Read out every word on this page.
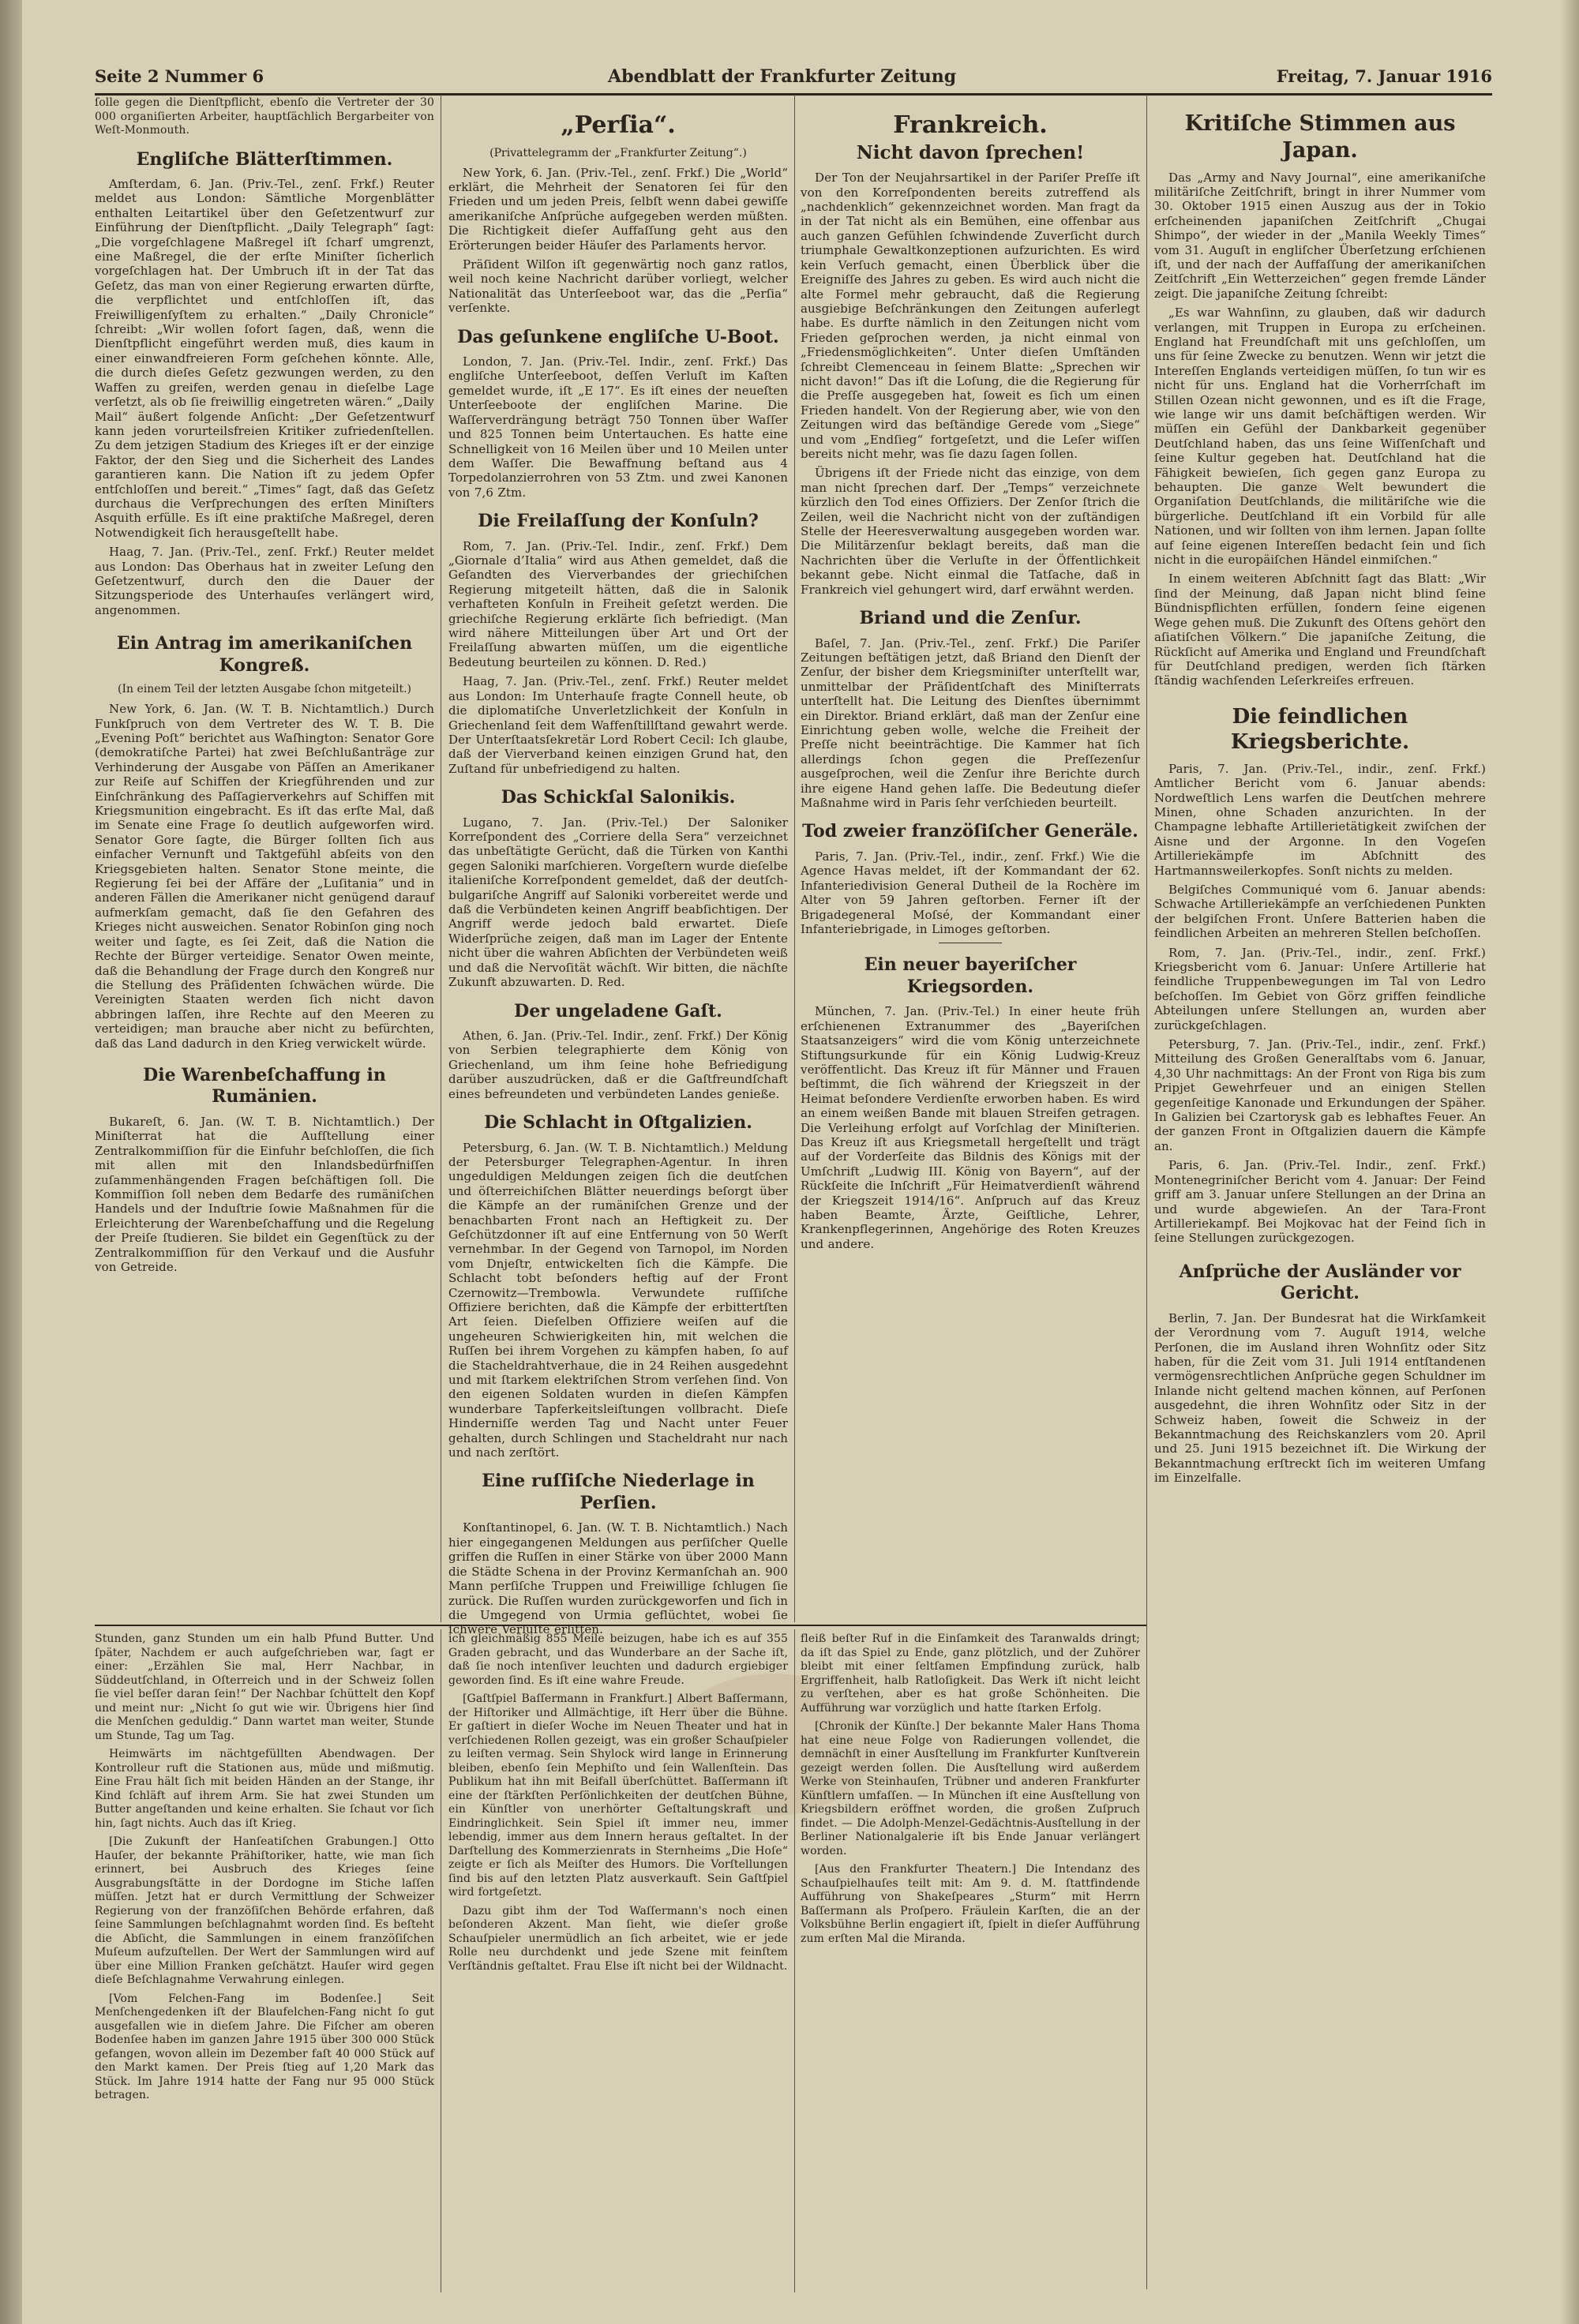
Seite 2 Nummer 6	Abendblatt der Frankfurter Zeitung	Freitag, 7. Januar 1916

ſolle gegen die Dienſtpflicht, ebenſo die Vertreter der 30 000 organiſierten Arbeiter, hauptſächlich Bergarbeiter von Weſt-Monmouth.

Engliſche Blätterſtimmen.

Amſterdam, 6. Jan. (Priv.-Tel., zenſ. Frkf.) Reuter meldet aus London: Sämtliche Morgenblätter enthalten Leitartikel über den Geſetzentwurf zur Einführung der Dienſtpflicht. „Daily Telegraph“ ſagt: „Die vorgeſchlagene Maßregel iſt ſcharf umgrenzt, eine Maßregel, die der erſte Miniſter ſicherlich vorgeſchlagen hat. Der Umbruch iſt in der Tat das Geſetz, das man von einer Regierung erwarten dürfte, die verpflichtet und entſchloſſen iſt, das Freiwilligenſyſtem zu erhalten.“ „Daily Chronicle“ ſchreibt: „Wir wollen ſofort ſagen, daß, wenn die Dienſtpflicht eingeführt werden muß, dies kaum in einer einwandfreieren Form geſchehen könnte. Alle, die durch dieſes Geſetz gezwungen werden, zu den Waffen zu greifen, werden genau in dieſelbe Lage verſetzt, als ob ſie freiwillig eingetreten wären.“ „Daily Mail“ äußert folgende Anſicht: „Der Geſetzentwurf kann jeden vorurteilsfreien Kritiker zufriedenſtellen. Zu dem jetzigen Stadium des Krieges iſt er der einzige Faktor, der den Sieg und die Sicherheit des Landes garantieren kann. Die Nation iſt zu jedem Opfer entſchloſſen und bereit.“ „Times“ ſagt, daß das Geſetz durchaus die Verſprechungen des erſten Miniſters Asquith erfülle. Es iſt eine praktiſche Maßregel, deren Notwendigkeit ſich herausgeſtellt habe.

Haag, 7. Jan. (Priv.-Tel., zenſ. Frkf.) Reuter meldet aus London: Das Oberhaus hat in zweiter Leſung den Geſetzentwurf, durch den die Dauer der Sitzungsperiode des Unterhauſes verlängert wird, angenommen.

Ein Antrag im amerikaniſchen Kongreß.
(In einem Teil der letzten Ausgabe ſchon mitgeteilt.)

New York, 6. Jan. (W. T. B. Nichtamtlich.) Durch Funkſpruch von dem Vertreter des W. T. B. Die „Evening Poſt“ berichtet aus Waſhington: Senator Gore (demokratiſche Partei) hat zwei Beſchlußanträge zur Verhinderung der Ausgabe von Päſſen an Amerikaner zur Reiſe auf Schiffen der Kriegführenden und zur Einſchränkung des Paſſagierverkehrs auf Schiffen mit Kriegsmunition eingebracht. Es iſt das erſte Mal, daß im Senate eine Frage ſo deutlich aufgeworfen wird. Senator Gore ſagte, die Bürger ſollten ſich aus einfacher Vernunft und Taktgefühl abſeits von den Kriegsgebieten halten. Senator Stone meinte, die Regierung ſei bei der Affäre der „Luſitania“ und in anderen Fällen die Amerikaner nicht genügend darauf aufmerkſam gemacht, daß ſie den Gefahren des Krieges nicht ausweichen. Senator Robinſon ging noch weiter und ſagte, es ſei Zeit, daß die Nation die Rechte der Bürger verteidige. Senator Owen meinte, daß die Behandlung der Frage durch den Kongreß nur die Stellung des Präſidenten ſchwächen würde. Die Vereinigten Staaten werden ſich nicht davon abbringen laſſen, ihre Rechte auf den Meeren zu verteidigen; man brauche aber nicht zu befürchten, daß das Land dadurch in den Krieg verwickelt würde.

Die Warenbeſchaffung in Rumänien.

Bukareſt, 6. Jan. (W. T. B. Nichtamtlich.) Der Miniſterrat hat die Aufſtellung einer Zentralkommiſſion für die Einfuhr beſchloſſen, die ſich mit allen mit den Inlandsbedürfniſſen zuſammenhängenden Fragen beſchäftigen ſoll. Die Kommiſſion ſoll neben dem Bedarfe des rumäniſchen Handels und der Induſtrie ſowie Maßnahmen für die Erleichterung der Warenbeſchaffung und die Regelung der Preiſe ſtudieren. Sie bildet ein Gegenſtück zu der Zentralkommiſſion für den Verkauf und die Ausfuhr von Getreide.

„Perſia“.
(Privattelegramm der „Frankfurter Zeitung“.)

New York, 6. Jan. (Priv.-Tel., zenſ. Frkf.) Die „World“ erklärt, die Mehrheit der Senatoren ſei für den Frieden und um jeden Preis, ſelbſt wenn dabei gewiſſe amerikaniſche Anſprüche aufgegeben werden müßten. Die Richtigkeit dieſer Auffaſſung geht aus den Erörterungen beider Häuſer des Parlaments hervor.

Präſident Wilſon iſt gegenwärtig noch ganz ratlos, weil noch keine Nachricht darüber vorliegt, welcher Nationalität das Unterſeeboot war, das die „Perſia“ verſenkte.

Das geſunkene engliſche U-Boot.

London, 7. Jan. (Priv.-Tel. Indir., zenſ. Frkf.) Das engliſche Unterſeeboot, deſſen Verluſt im Kaſten gemeldet wurde, iſt „E 17“. Es iſt eines der neueſten Unterſeeboote der engliſchen Marine. Die Waſſerverdrängung beträgt 750 Tonnen über Waſſer und 825 Tonnen beim Untertauchen. Es hatte eine Schnelligkeit von 16 Meilen über und 10 Meilen unter dem Waſſer. Die Bewaffnung beſtand aus 4 Torpedolanzierrohren von 53 Ztm. und zwei Kanonen von 7,6 Ztm.

Die Freilaſſung der Konſuln?

Rom, 7. Jan. (Priv.-Tel. Indir., zenſ. Frkf.) Dem „Giornale d’Italia“ wird aus Athen gemeldet, daß die Geſandten des Vierverbandes der griechiſchen Regierung mitgeteilt hätten, daß die in Salonik verhafteten Konſuln in Freiheit geſetzt werden. Die griechiſche Regierung erklärte ſich befriedigt. (Man wird nähere Mitteilungen über Art und Ort der Freilaſſung abwarten müſſen, um die eigentliche Bedeutung beurteilen zu können. D. Red.)

Haag, 7. Jan. (Priv.-Tel., zenſ. Frkf.) Reuter meldet aus London: Im Unterhauſe fragte Connell heute, ob die diplomatiſche Unverletzlichkeit der Konſuln in Griechenland ſeit dem Waffenſtillſtand gewahrt werde. Der Unterſtaatsſekretär Lord Robert Cecil: Ich glaube, daß der Vierverband keinen einzigen Grund hat, den Zuſtand für unbefriedigend zu halten.

Das Schickſal Salonikis.

Lugano, 7. Jan. (Priv.-Tel.) Der Saloniker Korreſpondent des „Corriere della Sera“ verzeichnet das unbeſtätigte Gerücht, daß die Türken von Kanthi gegen Saloniki marſchieren. Vorgeſtern wurde dieſelbe italieniſche Korreſpondent gemeldet, daß der deutſch-bulgariſche Angriff auf Saloniki vorbereitet werde und daß die Verbündeten keinen Angriff beabſichtigen. Der Angriff werde jedoch bald erwartet. Dieſe Widerſprüche zeigen, daß man im Lager der Entente nicht über die wahren Abſichten der Verbündeten weiß und daß die Nervoſität wächſt. Wir bitten, die nächſte Zukunft abzuwarten. D. Red.

Der ungeladene Gaſt.

Athen, 6. Jan. (Priv.-Tel. Indir., zenſ. Frkf.) Der König von Serbien telegraphierte dem König von Griechenland, um ihm ſeine hohe Befriedigung darüber auszudrücken, daß er die Gaſtfreundſchaft eines befreundeten und verbündeten Landes genieße.

Die Schlacht in Oſtgalizien.

Petersburg, 6. Jan. (W. T. B. Nichtamtlich.) Meldung der Petersburger Telegraphen-Agentur. In ihren ungeduldigen Meldungen zeigen ſich die deutſchen und öſterreichiſchen Blätter neuerdings beſorgt über die Kämpfe an der rumäniſchen Grenze und der benachbarten Front nach an Heftigkeit zu. Der Geſchützdonner iſt auf eine Entfernung von 50 Werſt vernehmbar. In der Gegend von Tarnopol, im Norden vom Dnjeſtr, entwickelten ſich die Kämpfe. Die Schlacht tobt beſonders heftig auf der Front Czernowitz—Trembowla. Verwundete ruſſiſche Offiziere berichten, daß die Kämpfe der erbittertſten Art ſeien. Dieſelben Offiziere weiſen auf die ungeheuren Schwierigkeiten hin, mit welchen die Ruſſen bei ihrem Vorgehen zu kämpfen haben, ſo auf die Stacheldrahtverhaue, die in 24 Reihen ausgedehnt und mit ſtarkem elektriſchen Strom verſehen ſind. Von den eigenen Soldaten wurden in dieſen Kämpfen wunderbare Tapferkeitsleiſtungen vollbracht. Dieſe Hinderniſſe werden Tag und Nacht unter Feuer gehalten, durch Schlingen und Stacheldraht nur nach und nach zerſtört.

Eine ruſſiſche Niederlage in Perſien.

Konſtantinopel, 6. Jan. (W. T. B. Nichtamtlich.) Nach hier eingegangenen Meldungen aus perſiſcher Quelle griffen die Ruſſen in einer Stärke von über 2000 Mann die Städte Schena in der Provinz Kermanſchah an. 900 Mann perſiſche Truppen und Freiwillige ſchlugen ſie zurück. Die Ruſſen wurden zurückgeworfen und ſich in die Umgegend von Urmia geflüchtet, wobei ſie ſchwere Verluſte erlitten.

Frankreich.
Nicht davon ſprechen!

Der Ton der Neujahrsartikel in der Pariſer Preſſe iſt von den Korreſpondenten bereits zutreffend als „nachdenklich“ gekennzeichnet worden. Man fragt da in der Tat nicht als ein Bemühen, eine offenbar aus auch ganzen Gefühlen ſchwindende Zuverſicht durch triumphale Gewaltkonzeptionen aufzurichten. Es wird kein Verſuch gemacht, einen Überblick über die Ereigniſſe des Jahres zu geben. Es wird auch nicht die alte Formel mehr gebraucht, daß die Regierung ausgiebige Beſchränkungen den Zeitungen auferlegt habe. Es durfte nämlich in den Zeitungen nicht vom Frieden geſprochen werden, ja nicht einmal von „Friedensmöglichkeiten“. Unter dieſen Umſtänden ſchreibt Clemenceau in ſeinem Blatte: „Sprechen wir nicht davon!“ Das iſt die Loſung, die die Regierung für die Preſſe ausgegeben hat, ſoweit es ſich um einen Frieden handelt. Von der Regierung aber, wie von den Zeitungen wird das beſtändige Gerede vom „Siege“ und vom „Endſieg“ fortgeſetzt, und die Leſer wiſſen bereits nicht mehr, was ſie dazu ſagen ſollen.

Übrigens iſt der Friede nicht das einzige, von dem man nicht ſprechen darf. Der „Temps“ verzeichnete kürzlich den Tod eines Offiziers. Der Zenſor ſtrich die Zeilen, weil die Nachricht nicht von der zuſtändigen Stelle der Heeresverwaltung ausgegeben worden war. Die Militärzenſur beklagt bereits, daß man die Nachrichten über die Verluſte in der Öffentlichkeit bekannt gebe. Nicht einmal die Tatſache, daß in Frankreich viel gehungert wird, darf erwähnt werden.

Briand und die Zenſur.

Baſel, 7. Jan. (Priv.-Tel., zenſ. Frkf.) Die Pariſer Zeitungen beſtätigen jetzt, daß Briand den Dienſt der Zenſur, der bisher dem Kriegsminiſter unterſtellt war, unmittelbar der Präſidentſchaft des Miniſterrats unterſtellt hat. Die Leitung des Dienſtes übernimmt ein Direktor. Briand erklärt, daß man der Zenſur eine Einrichtung geben wolle, welche die Freiheit der Preſſe nicht beeinträchtige. Die Kammer hat ſich allerdings ſchon gegen die Preſſezenſur ausgeſprochen, weil die Zenſur ihre Berichte durch ihre eigene Hand gehen laſſe. Die Bedeutung dieſer Maßnahme wird in Paris ſehr verſchieden beurteilt.

Tod zweier franzöſiſcher Generäle.

Paris, 7. Jan. (Priv.-Tel., indir., zenſ. Frkf.) Wie die Agence Havas meldet, iſt der Kommandant der 62. Infanteriedivision General Dutheil de la Rochère im Alter von 59 Jahren geſtorben. Ferner iſt der Brigadegeneral Moſsé, der Kommandant einer Infanteriebrigade, in Limoges geſtorben.

Ein neuer bayeriſcher Kriegsorden.

München, 7. Jan. (Priv.-Tel.) In einer heute früh erſchienenen Extranummer des „Bayeriſchen Staatsanzeigers“ wird die vom König unterzeichnete Stiftungsurkunde für ein König Ludwig-Kreuz veröffentlicht. Das Kreuz iſt für Männer und Frauen beſtimmt, die ſich während der Kriegszeit in der Heimat beſondere Verdienſte erworben haben. Es wird an einem weißen Bande mit blauen Streifen getragen. Die Verleihung erfolgt auf Vorſchlag der Miniſterien. Das Kreuz iſt aus Kriegsmetall hergeſtellt und trägt auf der Vorderſeite das Bildnis des Königs mit der Umſchrift „Ludwig III. König von Bayern“, auf der Rückſeite die Inſchrift „Für Heimatverdienſt während der Kriegszeit 1914/16“. Anſpruch auf das Kreuz haben Beamte, Ärzte, Geiſtliche, Lehrer, Krankenpflegerinnen, Angehörige des Roten Kreuzes und andere.

Kritiſche Stimmen aus Japan.

Das „Army and Navy Journal“, eine amerikaniſche militäriſche Zeitſchrift, bringt in ihrer Nummer vom 30. Oktober 1915 einen Auszug aus der in Tokio erſcheinenden japaniſchen Zeitſchrift „Chugai Shimpo“, der wieder in der „Manila Weekly Times“ vom 31. Auguſt in engliſcher Überſetzung erſchienen iſt, und der nach der Auffaſſung der amerikaniſchen Zeitſchrift „Ein Wetterzeichen“ gegen fremde Länder zeigt. Die japaniſche Zeitung ſchreibt:

„Es war Wahnſinn, zu glauben, daß wir dadurch verlangen, mit Truppen in Europa zu erſcheinen. England hat Freundſchaft mit uns geſchloſſen, um uns für ſeine Zwecke zu benutzen. Wenn wir jetzt die Intereſſen Englands verteidigen müſſen, ſo tun wir es nicht für uns. England hat die Vorherrſchaft im Stillen Ozean nicht gewonnen, und es iſt die Frage, wie lange wir uns damit beſchäftigen werden. Wir müſſen ein Gefühl der Dankbarkeit gegenüber Deutſchland haben, das uns ſeine Wiſſenſchaft und ſeine Kultur gegeben hat. Deutſchland hat die Fähigkeit bewieſen, ſich gegen ganz Europa zu behaupten. Die ganze Welt bewundert die Organiſation Deutſchlands, die militäriſche wie die bürgerliche. Deutſchland iſt ein Vorbild für alle Nationen, und wir ſollten von ihm lernen. Japan ſollte auf ſeine eigenen Intereſſen bedacht ſein und ſich nicht in die europäiſchen Händel einmiſchen.“

In einem weiteren Abſchnitt ſagt das Blatt: „Wir ſind der Meinung, daß Japan nicht blind ſeine Bündnispflichten erfüllen, ſondern ſeine eigenen Wege gehen muß. Die Zukunft des Oſtens gehört den aſiatiſchen Völkern.“ Die japaniſche Zeitung, die Rückſicht auf Amerika und England und Freundſchaft für Deutſchland predigen, werden ſich ſtärken ſtändig wachſenden Leſerkreiſes erfreuen.

Die feindlichen Kriegsberichte.

Paris, 7. Jan. (Priv.-Tel., indir., zenſ. Frkf.) Amtlicher Bericht vom 6. Januar abends: Nordweſtlich Lens warfen die Deutſchen mehrere Minen, ohne Schaden anzurichten. In der Champagne lebhafte Artillerietätigkeit zwiſchen der Aisne und der Argonne. In den Vogeſen Artilleriekämpfe im Abſchnitt des Hartmannsweilerkopfes. Sonſt nichts zu melden.

Belgiſches Communiqué vom 6. Januar abends: Schwache Artilleriekämpfe an verſchiedenen Punkten der belgiſchen Front. Unſere Batterien haben die feindlichen Arbeiten an mehreren Stellen beſchoſſen.

Rom, 7. Jan. (Priv.-Tel., indir., zenſ. Frkf.) Kriegsbericht vom 6. Januar: Unſere Artillerie hat feindliche Truppenbewegungen im Tal von Ledro beſchoſſen. Im Gebiet von Görz griffen feindliche Abteilungen unſere Stellungen an, wurden aber zurückgeſchlagen.

Petersburg, 7. Jan. (Priv.-Tel., indir., zenſ. Frkf.) Mitteilung des Großen Generalſtabs vom 6. Januar, 4,30 Uhr nachmittags: An der Front von Riga bis zum Pripjet Gewehrfeuer und an einigen Stellen gegenſeitige Kanonade und Erkundungen der Späher. In Galizien bei Czartorysk gab es lebhaftes Feuer. An der ganzen Front in Oſtgalizien dauern die Kämpfe an.

Paris, 6. Jan. (Priv.-Tel. Indir., zenſ. Frkf.) Montenegriniſcher Bericht vom 4. Januar: Der Feind griff am 3. Januar unſere Stellungen an der Drina an und wurde abgewieſen. An der Tara-Front Artilleriekampf. Bei Mojkovac hat der Feind ſich in ſeine Stellungen zurückgezogen.

Anſprüche der Ausländer vor Gericht.

Berlin, 7. Jan. Der Bundesrat hat die Wirkſamkeit der Verordnung vom 7. Auguſt 1914, welche Perſonen, die im Ausland ihren Wohnſitz oder Sitz haben, für die Zeit vom 31. Juli 1914 entſtandenen vermögensrechtlichen Anſprüche gegen Schuldner im Inlande nicht geltend machen können, auf Perſonen ausgedehnt, die ihren Wohnſitz oder Sitz in der Schweiz haben, ſoweit die Schweiz in der Bekanntmachung des Reichskanzlers vom 20. April und 25. Juni 1915 bezeichnet iſt. Die Wirkung der Bekanntmachung erſtreckt ſich im weiteren Umfang im Einzelfalle.

Stunden, ganz Stunden um ein halb Pfund Butter. Und ſpäter, Nachdem er auch aufgeſchrieben war, ſagt er einer: „Erzählen Sie mal, Herr Nachbar, in Süddeutſchland, in Oſterreich und in der Schweiz ſollen ſie viel beſſer daran ſein!“ Der Nachbar ſchüttelt den Kopf und meint nur: „Nicht ſo gut wie wir. Übrigens hier ſind die Menſchen geduldig.“ Dann wartet man weiter, Stunde um Stunde, Tag um Tag.

Heimwärts im nächtgefüllten Abendwagen. Der Kontrolleur ruft die Stationen aus, müde und mißmutig. Eine Frau hält ſich mit beiden Händen an der Stange, ihr Kind ſchläft auf ihrem Arm. Sie hat zwei Stunden um Butter angeſtanden und keine erhalten. Sie ſchaut vor ſich hin, ſagt nichts. Auch das iſt Krieg.

[Die Zukunft der Hanſeatiſchen Grabungen.] Otto Hauſer, der bekannte Prähiſtoriker, hatte, wie man ſich erinnert, bei Ausbruch des Krieges ſeine Ausgrabungsſtätte in der Dordogne im Stiche laſſen müſſen. Jetzt hat er durch Vermittlung der Schweizer Regierung von der franzöſiſchen Behörde erfahren, daß ſeine Sammlungen beſchlagnahmt worden ſind. Es beſteht die Abſicht, die Sammlungen in einem franzöſiſchen Muſeum aufzuſtellen. Der Wert der Sammlungen wird auf über eine Million Franken geſchätzt. Hauſer wird gegen dieſe Beſchlagnahme Verwahrung einlegen.

[Vom Felchen-Fang im Bodenſee.] Seit Menſchengedenken iſt der Blaufelchen-Fang nicht ſo gut ausgefallen wie in dieſem Jahre. Die Fiſcher am oberen Bodenſee haben im ganzen Jahre 1915 über 300 000 Stück gefangen, wovon allein im Dezember faſt 40 000 Stück auf den Markt kamen. Der Preis ſtieg auf 1,20 Mark das Stück. Im Jahre 1914 hatte der Fang nur 95 000 Stück betragen.

ich gleichmäßig 855 Meile beizugen, habe ich es auf 355 Graden gebracht, und das Wunderbare an der Sache iſt, daß ſie noch intenſiver leuchten und dadurch ergiebiger geworden ſind. Es iſt eine wahre Freude.

[Gaſtſpiel Baſſermann in Frankfurt.] Albert Baſſermann, der Hiſtoriker und Allmächtige, iſt Herr über die Bühne. Er gaſtiert in dieſer Woche im Neuen Theater und hat in verſchiedenen Rollen gezeigt, was ein großer Schauſpieler zu leiſten vermag. Sein Shylock wird lange in Erinnerung bleiben, ebenſo ſein Mephiſto und ſein Wallenſtein. Das Publikum hat ihn mit Beifall überſchüttet. Baſſermann iſt eine der ſtärkſten Perſönlichkeiten der deutſchen Bühne, ein Künſtler von unerhörter Geſtaltungskraft und Eindringlichkeit. Sein Spiel iſt immer neu, immer lebendig, immer aus dem Innern heraus geſtaltet. In der Darſtellung des Kommerzienrats in Sternheims „Die Hoſe“ zeigte er ſich als Meiſter des Humors. Die Vorſtellungen ſind bis auf den letzten Platz ausverkauft. Sein Gaſtſpiel wird fortgeſetzt.

Dazu gibt ihm der Tod Waſſermann's noch einen beſonderen Akzent. Man ſieht, wie dieſer große Schauſpieler unermüdlich an ſich arbeitet, wie er jede Rolle neu durchdenkt und jede Szene mit feinſtem Verſtändnis geſtaltet. Frau Else iſt nicht bei der Wildnacht.

fleiß beſter Ruf in die Einſamkeit des Taranwalds dringt; da iſt das Spiel zu Ende, ganz plötzlich, und der Zuhörer bleibt mit einer ſeltſamen Empfindung zurück, halb Ergriffenheit, halb Ratloſigkeit. Das Werk iſt nicht leicht zu verſtehen, aber es hat große Schönheiten. Die Aufführung war vorzüglich und hatte ſtarken Erfolg.

[Chronik der Künſte.] Der bekannte Maler Hans Thoma hat eine neue Folge von Radierungen vollendet, die demnächſt in einer Ausſtellung im Frankfurter Kunſtverein gezeigt werden ſollen. Die Ausſtellung wird außerdem Werke von Steinhauſen, Trübner und anderen Frankfurter Künſtlern umfaſſen. — In München iſt eine Ausſtellung von Kriegsbildern eröffnet worden, die großen Zuſpruch findet. — Die Adolph-Menzel-Gedächtnis-Ausſtellung in der Berliner Nationalgalerie iſt bis Ende Januar verlängert worden.

[Aus den Frankfurter Theatern.] Die Intendanz des Schauſpielhauſes teilt mit: Am 9. d. M. ſtattfindende Aufführung von Shakeſpeares „Sturm“ mit Herrn Baſſermann als Proſpero. Fräulein Karſten, die an der Volksbühne Berlin engagiert iſt, ſpielt in dieſer Aufführung zum erſten Mal die Miranda.
